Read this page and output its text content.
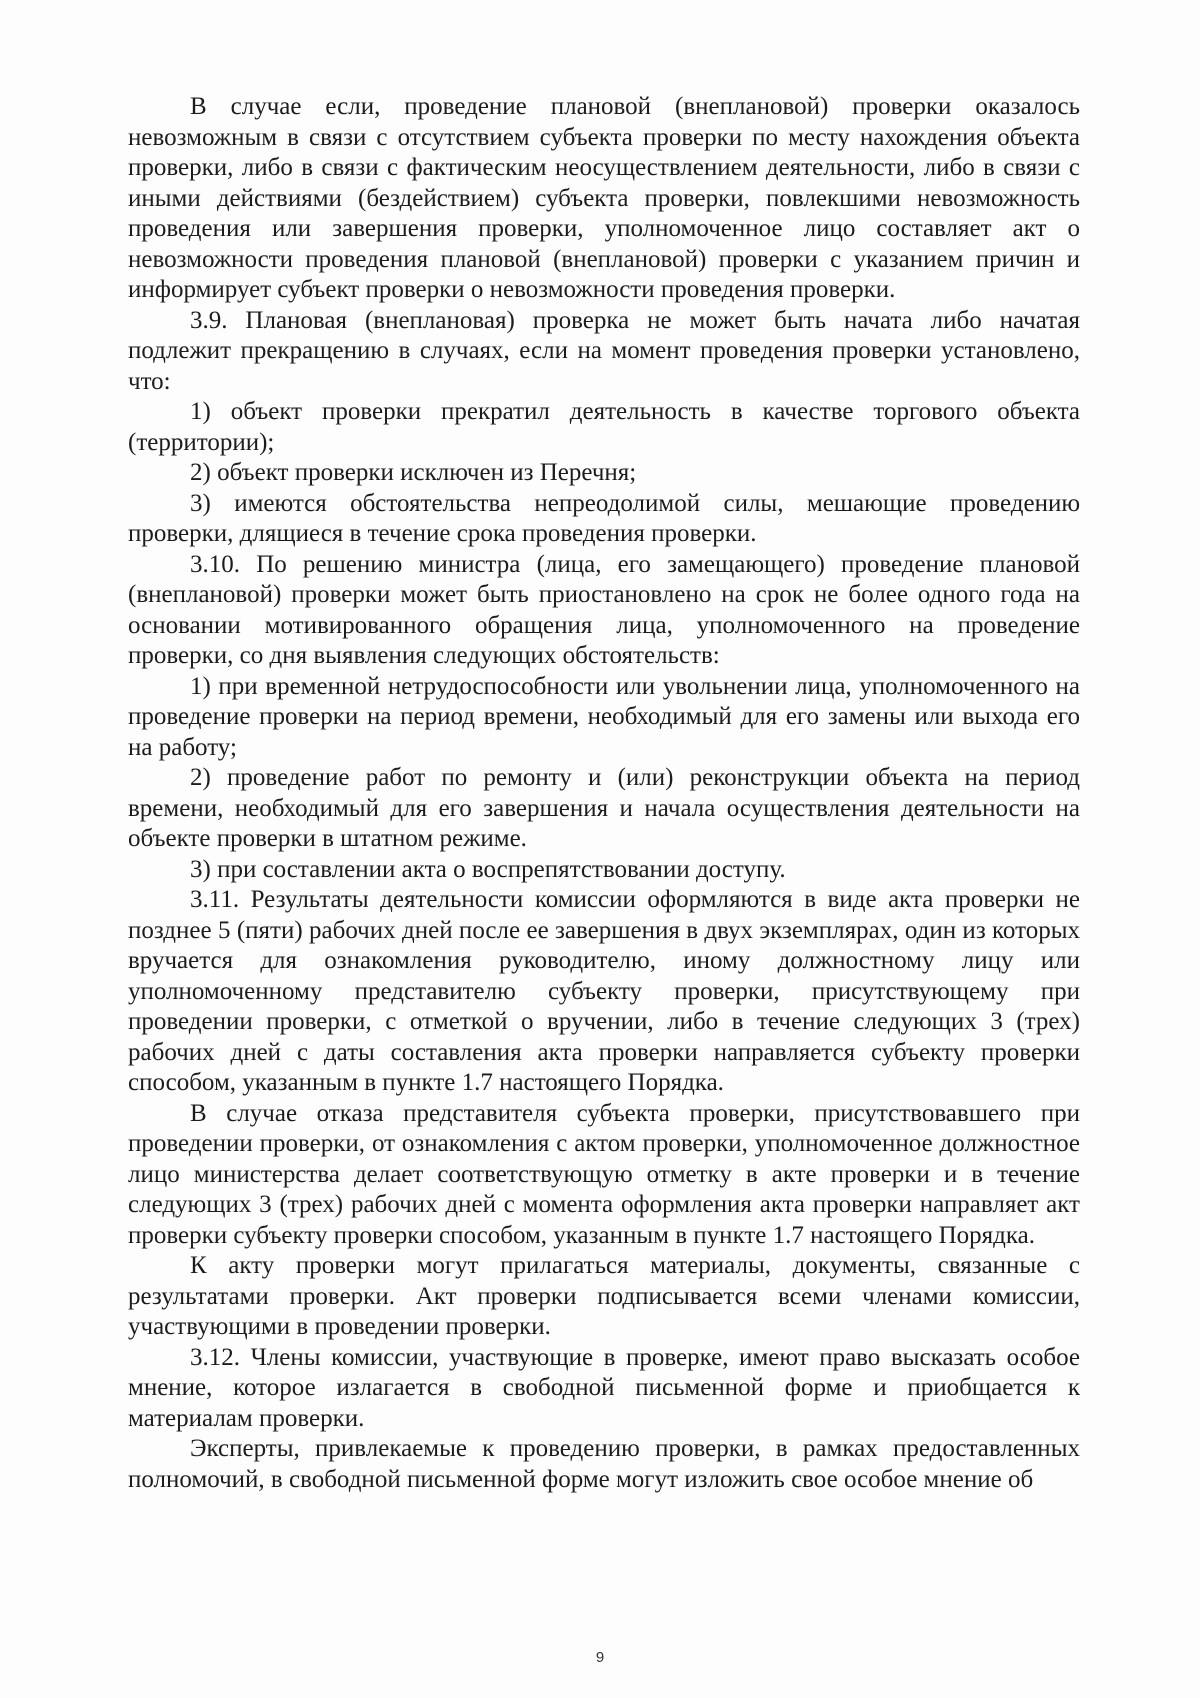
В случае если, проведение плановой (внеплановой) проверки оказалось невозможным в связи с отсутствием субъекта проверки по месту нахождения объекта проверки, либо в связи с фактическим неосуществлением деятельности, либо в связи с иными действиями (бездействием) субъекта проверки, повлекшими невозможность проведения или завершения проверки, уполномоченное лицо составляет акт о невозможности проведения плановой (внеплановой) проверки с указанием причин и информирует субъект проверки о невозможности проведения проверки.

3.9. Плановая (внеплановая) проверка не может быть начата либо начатая подлежит прекращению в случаях, если на момент проведения проверки установлено, что:

1) объект проверки прекратил деятельность в качестве торгового объекта (территории);

2) объект проверки исключен из Перечня;

3) имеются обстоятельства непреодолимой силы, мешающие проведению проверки, длящиеся в течение срока проведения проверки.

3.10. По решению министра (лица, его замещающего) проведение плановой (внеплановой) проверки может быть приостановлено на срок не более одного года на основании мотивированного обращения лица, уполномоченного на проведение проверки, со дня выявления следующих обстоятельств:

1) при временной нетрудоспособности или увольнении лица, уполномоченного на проведение проверки на период времени, необходимый для его замены или выхода его на работу;

2) проведение работ по ремонту и (или) реконструкции объекта на период времени, необходимый для его завершения и начала осуществления деятельности на объекте проверки в штатном режиме.

3) при составлении акта о воспрепятствовании доступу.

3.11. Результаты деятельности комиссии оформляются в виде акта проверки не позднее 5 (пяти) рабочих дней после ее завершения в двух экземплярах, один из которых вручается для ознакомления руководителю, иному должностному лицу или уполномоченному представителю субъекту проверки, присутствующему при проведении проверки, с отметкой о вручении, либо в течение следующих 3 (трех) рабочих дней с даты составления акта проверки направляется субъекту проверки способом, указанным в пункте 1.7 настоящего Порядка.

В случае отказа представителя субъекта проверки, присутствовавшего при проведении проверки, от ознакомления с актом проверки, уполномоченное должностное лицо министерства делает соответствующую отметку в акте проверки и в течение следующих 3 (трех) рабочих дней с момента оформления акта проверки направляет акт проверки субъекту проверки способом, указанным в пункте 1.7 настоящего Порядка.

К акту проверки могут прилагаться материалы, документы, связанные с результатами проверки. Акт проверки подписывается всеми членами комиссии, участвующими в проведении проверки.

3.12. Члены комиссии, участвующие в проверке, имеют право высказать особое мнение, которое излагается в свободной письменной форме и приобщается к материалам проверки.

Эксперты, привлекаемые к проведению проверки, в рамках предоставленных полномочий, в свободной письменной форме могут изложить свое особое мнение об

9
